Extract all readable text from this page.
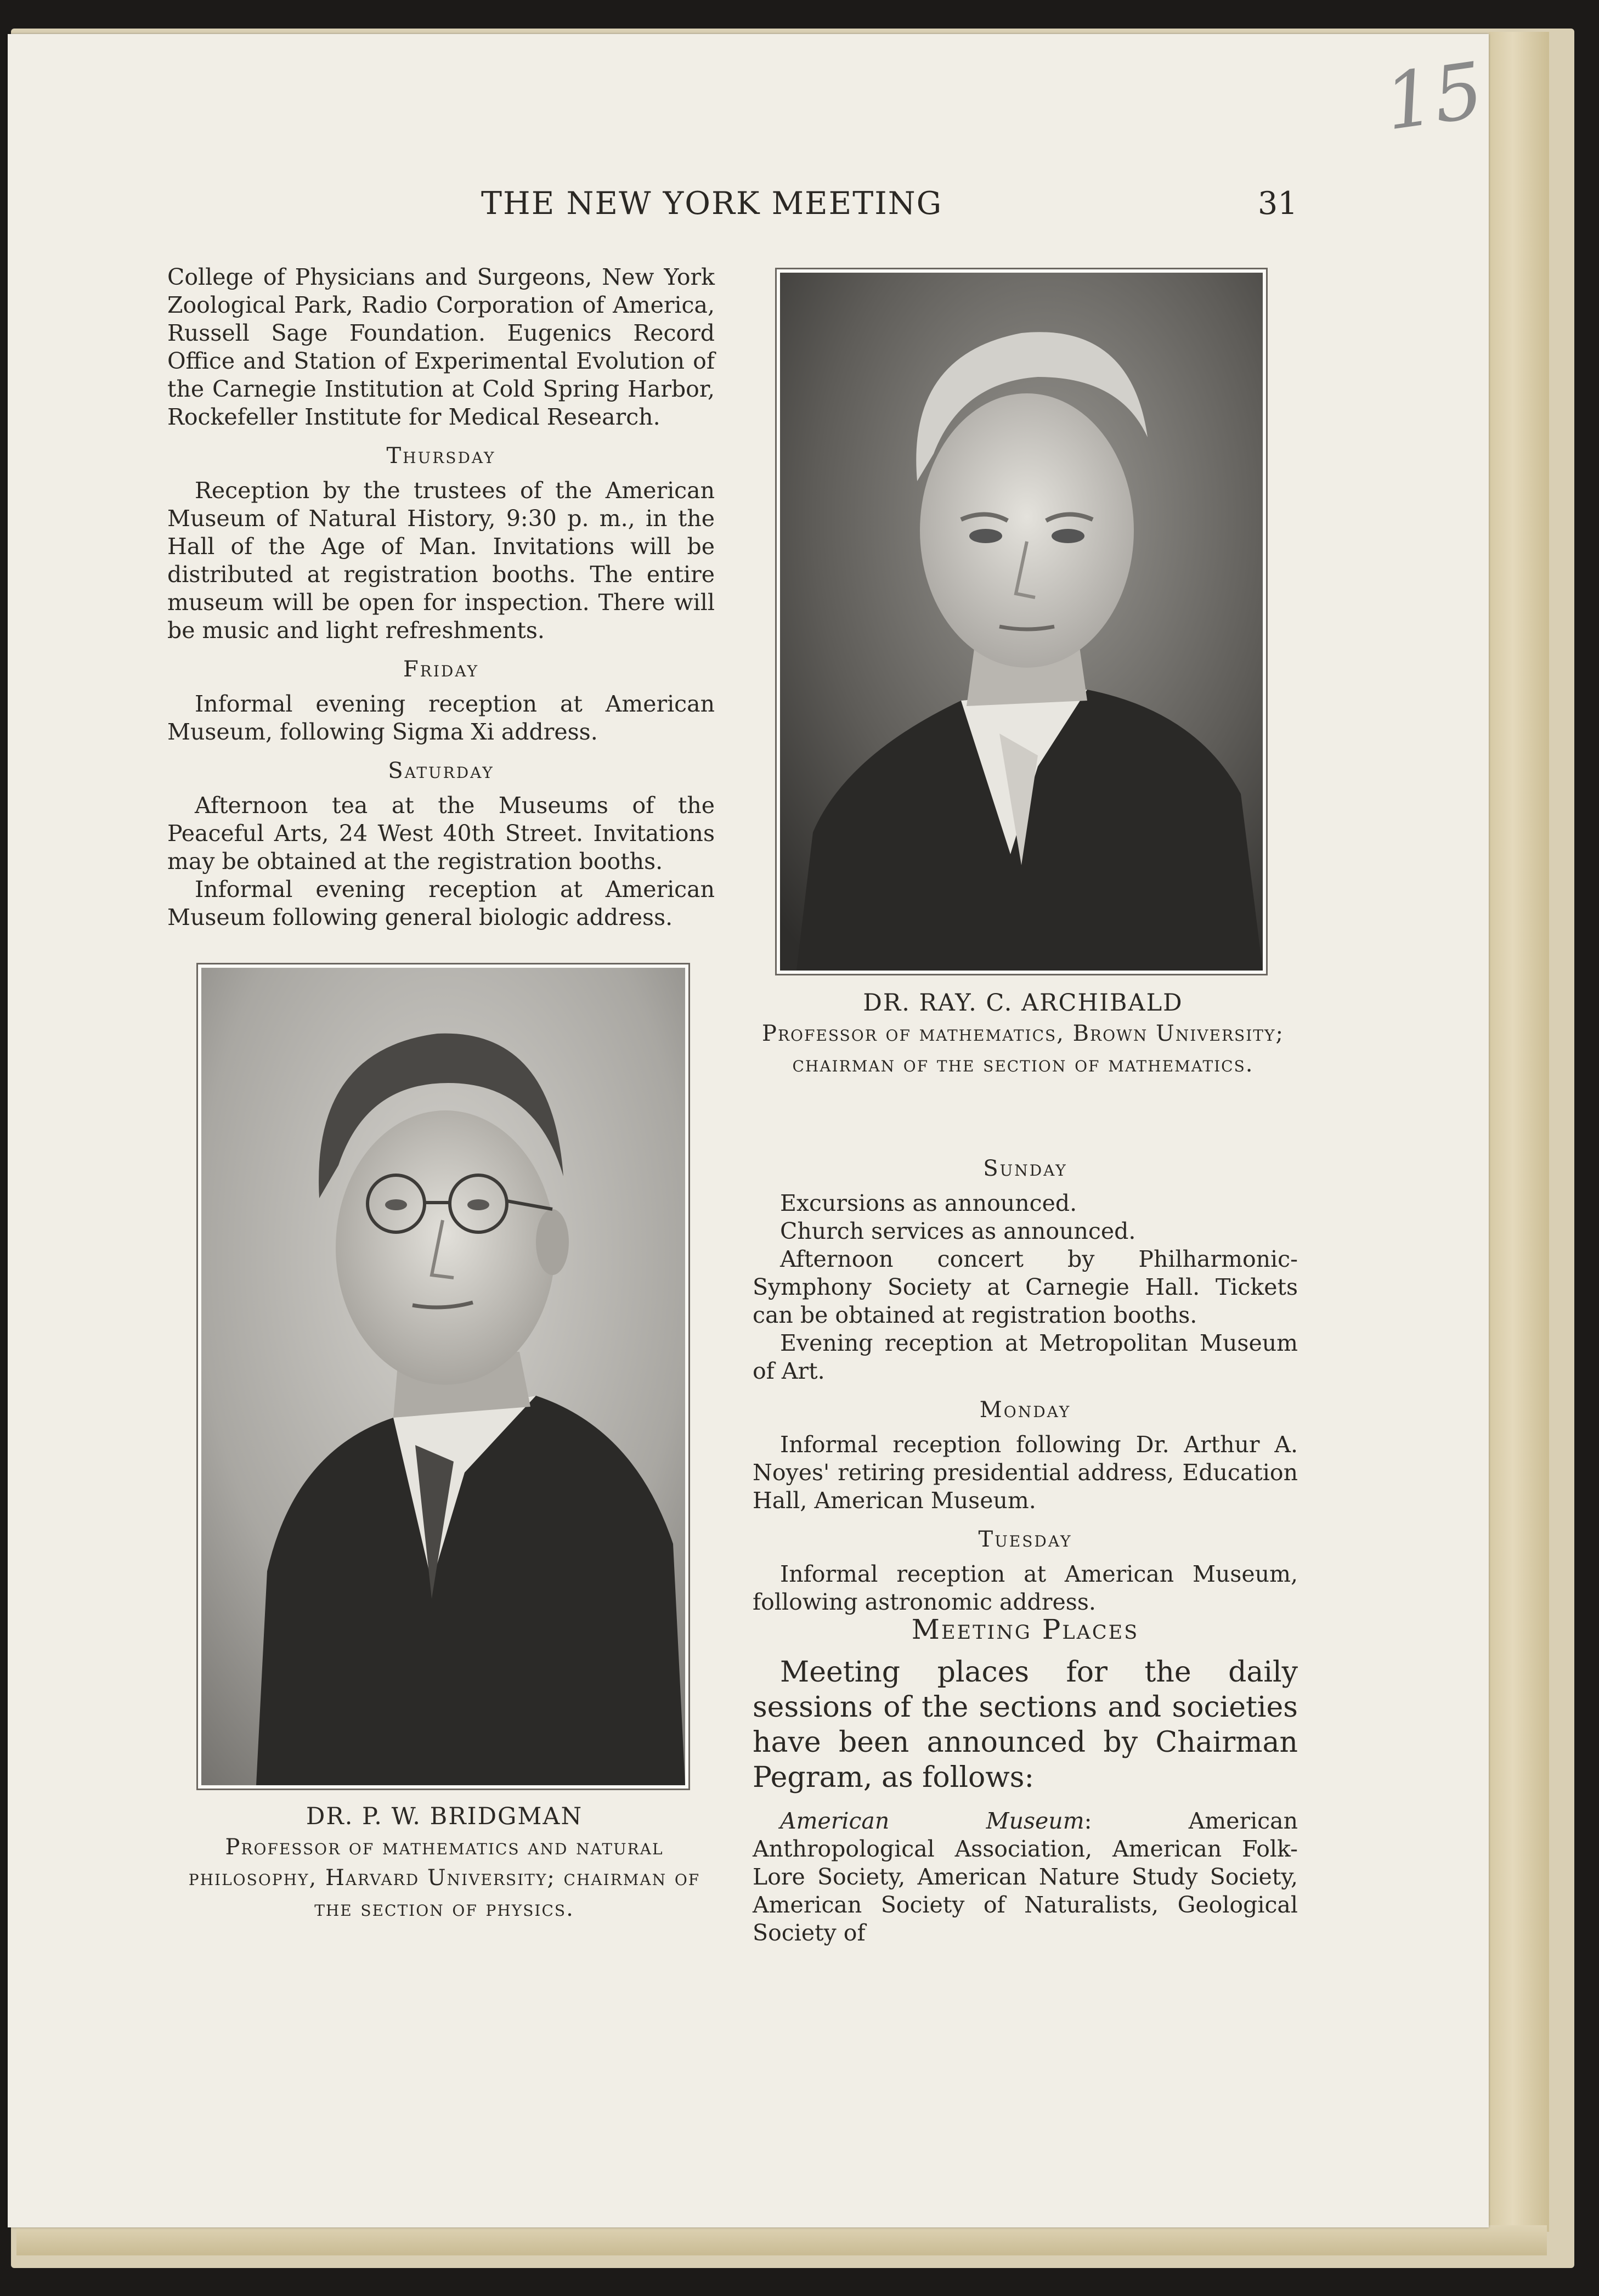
15
THE NEW YORK MEETING	31

College of Physicians and Surgeons, New York Zoological Park, Radio Corporation of America, Russell Sage Foundation. Eugenics Record Office and Station of Experimental Evolution of the Carnegie Institution at Cold Spring Harbor, Rockefeller Institute for Medical Research.

Thursday

Reception by the trustees of the American Museum of Natural History, 9:30 p. m., in the Hall of the Age of Man. Invitations will be distributed at registration booths. The entire museum will be open for inspection. There will be music and light refreshments.

Friday

Informal evening reception at American Museum, following Sigma Xi address.

Saturday

Afternoon tea at the Museums of the Peaceful Arts, 24 West 40th Street. Invitations may be obtained at the registration booths.

Informal evening reception at American Museum following general biologic address.

DR. RAY. C. ARCHIBALD
Professor of mathematics, Brown University; chairman of the section of mathematics.
DR. P. W. BRIDGMAN
Professor of mathematics and natural philosophy, Harvard University; chairman of the section of physics.
Sunday

Excursions as announced.

Church services as announced.

Afternoon concert by Philharmonic-Symphony Society at Carnegie Hall. Tickets can be obtained at registration booths.

Evening reception at Metropolitan Museum of Art.

Monday

Informal reception following Dr. Arthur A. Noyes' retiring presidential address, Education Hall, American Museum.

Tuesday

Informal reception at American Museum, following astronomic address.

Meeting Places

Meeting places for the daily sessions of the sections and societies have been announced by Chairman Pegram, as follows:

American Museum: American Anthropological Association, American Folk-Lore Society, American Nature Study Society, American Society of Naturalists, Geological Society of
